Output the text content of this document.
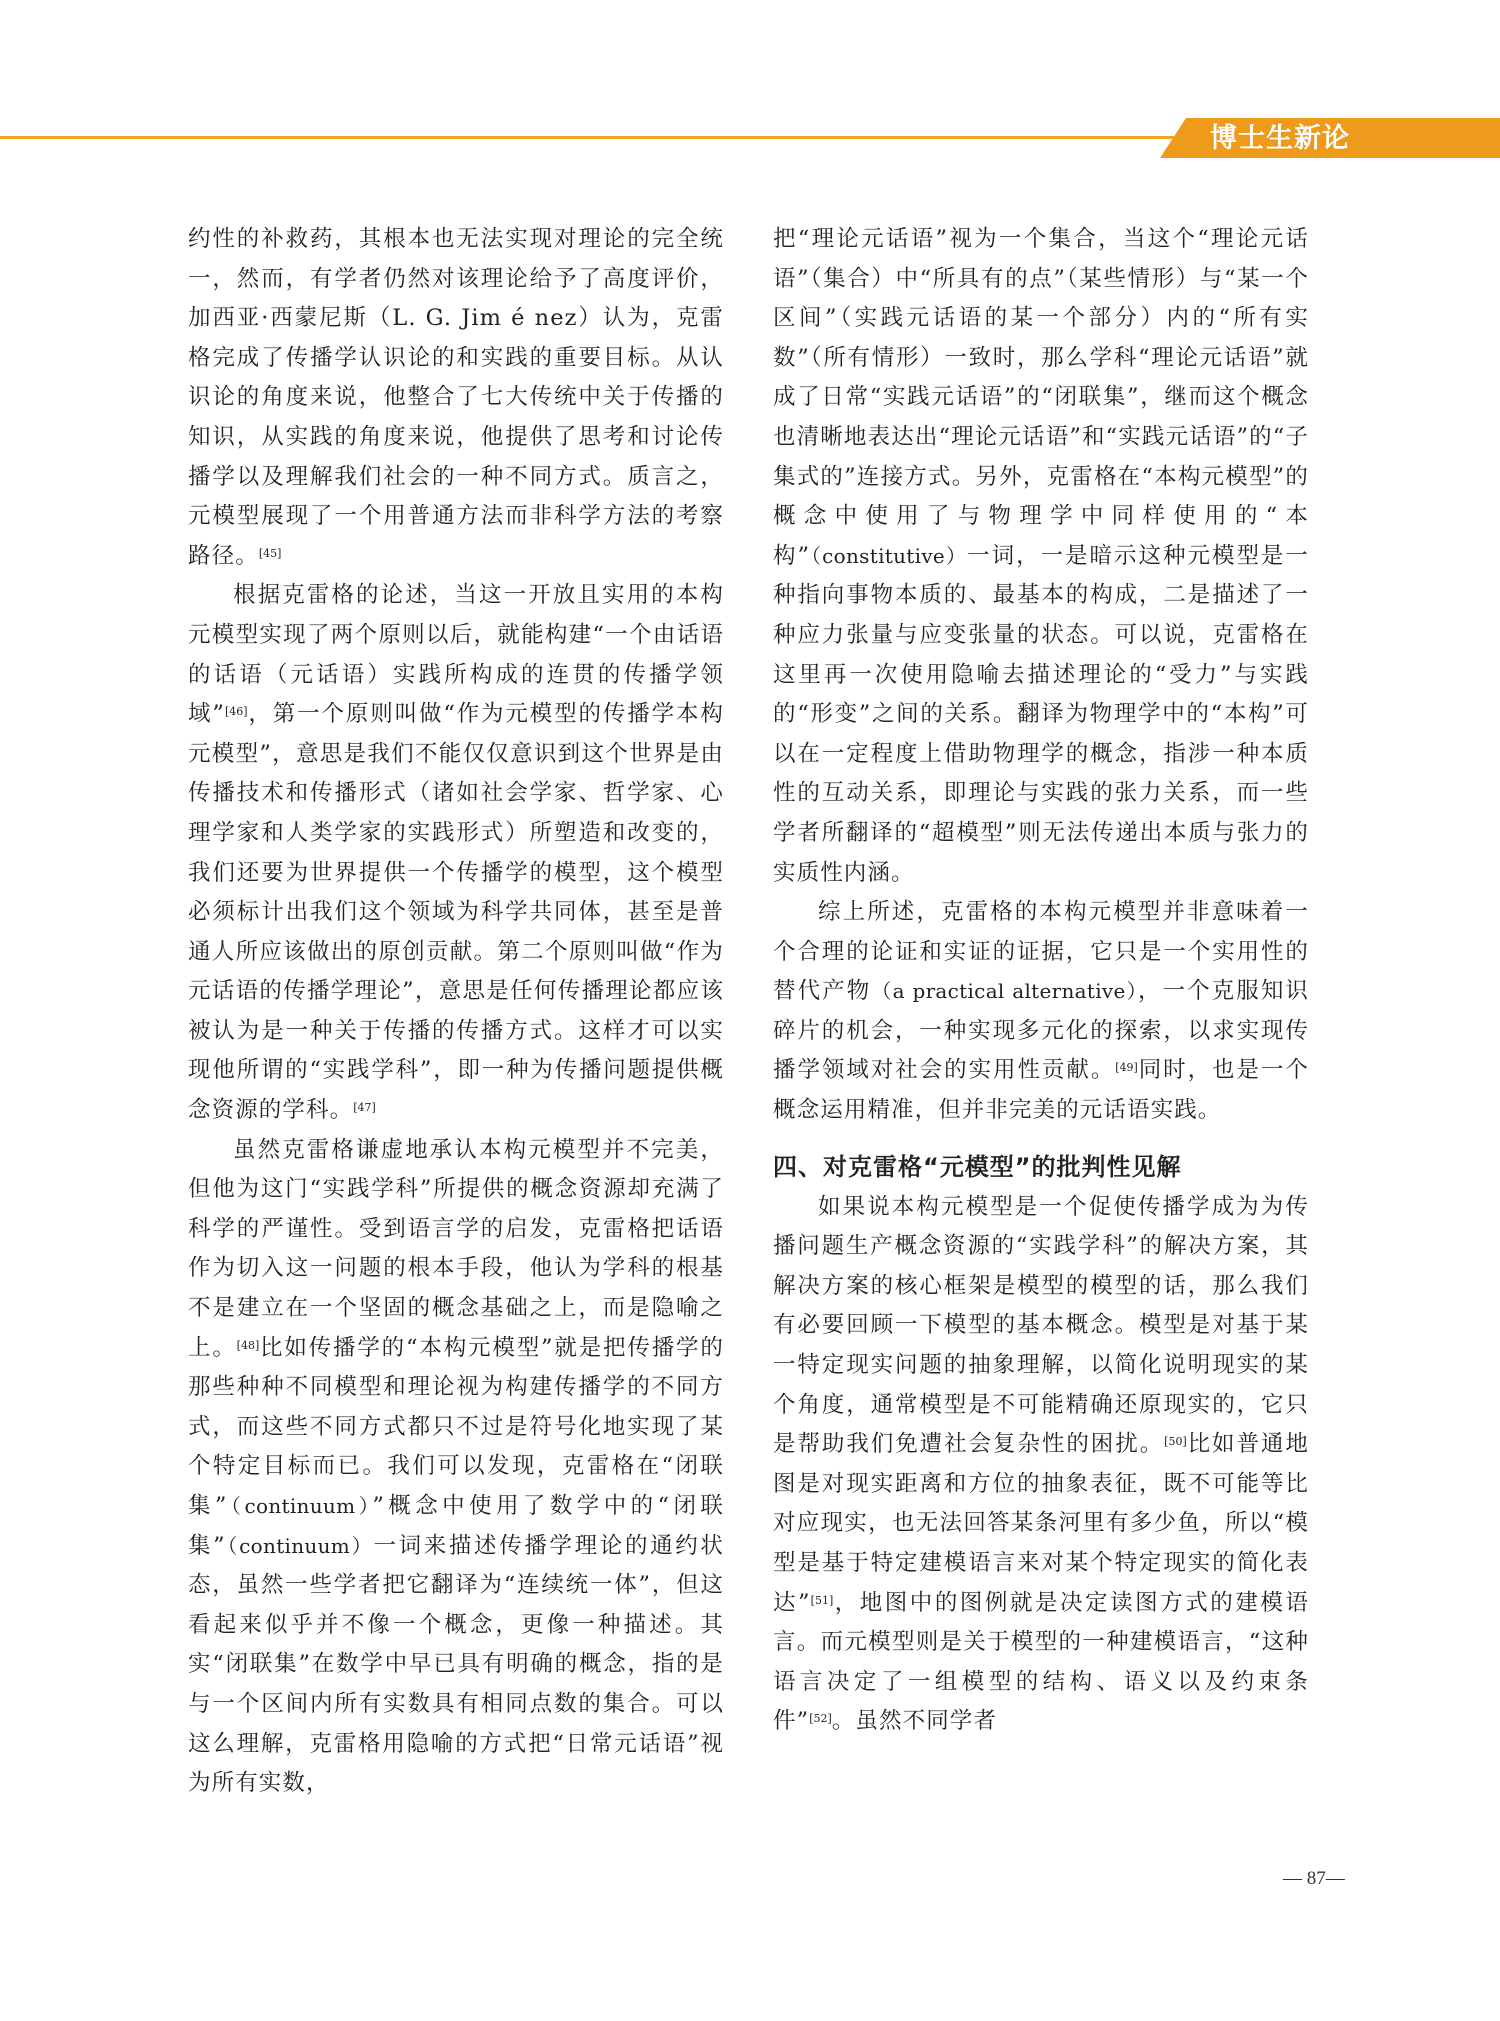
博士生新论

约性的补救药，其根本也无法实现对理论的完全统一，然而，有学者仍然对该理论给予了高度评价，加西亚·西蒙尼斯（L. G. Jim é nez）认为，克雷格完成了传播学认识论的和实践的重要目标。从认识论的角度来说，他整合了七大传统中关于传播的知识，从实践的角度来说，他提供了思考和讨论传播学以及理解我们社会的一种不同方式。质言之，元模型展现了一个用普通方法而非科学方法的考察路径。[45]

根据克雷格的论述，当这一开放且实用的本构元模型实现了两个原则以后，就能构建“一个由话语的话语（元话语）实践所构成的连贯的传播学领域”[46]，第一个原则叫做“作为元模型的传播学本构元模型”，意思是我们不能仅仅意识到这个世界是由传播技术和传播形式（诸如社会学家、哲学家、心理学家和人类学家的实践形式）所塑造和改变的，我们还要为世界提供一个传播学的模型，这个模型必须标计出我们这个领域为科学共同体，甚至是普通人所应该做出的原创贡献。第二个原则叫做“作为元话语的传播学理论”，意思是任何传播理论都应该被认为是一种关于传播的传播方式。这样才可以实现他所谓的“实践学科”，即一种为传播问题提供概念资源的学科。[47]

虽然克雷格谦虚地承认本构元模型并不完美，但他为这门“实践学科”所提供的概念资源却充满了科学的严谨性。受到语言学的启发，克雷格把话语作为切入这一问题的根本手段，他认为学科的根基不是建立在一个坚固的概念基础之上，而是隐喻之上。[48]比如传播学的“本构元模型”就是把传播学的那些种种不同模型和理论视为构建传播学的不同方式，而这些不同方式都只不过是符号化地实现了某个特定目标而已。我们可以发现，克雷格在“闭联集”（continuum）”概念中使用了数学中的“闭联集”（continuum）一词来描述传播学理论的通约状态，虽然一些学者把它翻译为“连续统一体”，但这看起来似乎并不像一个概念，更像一种描述。其实“闭联集”在数学中早已具有明确的概念，指的是与一个区间内所有实数具有相同点数的集合。可以这么理解，克雷格用隐喻的方式把“日常元话语”视为所有实数，

把“理论元话语”视为一个集合，当这个“理论元话语”（集合）中“所具有的点”（某些情形）与“某一个区间”（实践元话语的某一个部分）内的“所有实数”（所有情形）一致时，那么学科“理论元话语”就成了日常“实践元话语”的“闭联集”，继而这个概念也清晰地表达出“理论元话语”和“实践元话语”的“子集式的”连接方式。另外，克雷格在“本构元模型”的概念中使用了与物理学中同样使用的“本构”（constitutive）一词，一是暗示这种元模型是一种指向事物本质的、最基本的构成，二是描述了一种应力张量与应变张量的状态。可以说，克雷格在这里再一次使用隐喻去描述理论的“受力”与实践的“形变”之间的关系。翻译为物理学中的“本构”可以在一定程度上借助物理学的概念，指涉一种本质性的互动关系，即理论与实践的张力关系，而一些学者所翻译的“超模型”则无法传递出本质与张力的实质性内涵。

综上所述，克雷格的本构元模型并非意味着一个合理的论证和实证的证据，它只是一个实用性的替代产物（a practical alternative），一个克服知识碎片的机会，一种实现多元化的探索，以求实现传播学领域对社会的实用性贡献。[49]同时，也是一个概念运用精准，但并非完美的元话语实践。

四、对克雷格“元模型”的批判性见解

如果说本构元模型是一个促使传播学成为为传播问题生产概念资源的“实践学科”的解决方案，其解决方案的核心框架是模型的模型的话，那么我们有必要回顾一下模型的基本概念。模型是对基于某一特定现实问题的抽象理解，以简化说明现实的某个角度，通常模型是不可能精确还原现实的，它只是帮助我们免遭社会复杂性的困扰。[50]比如普通地图是对现实距离和方位的抽象表征，既不可能等比对应现实，也无法回答某条河里有多少鱼，所以“模型是基于特定建模语言来对某个特定现实的简化表达”[51]，地图中的图例就是决定读图方式的建模语言。而元模型则是关于模型的一种建模语言，“这种语言决定了一组模型的结构、语义以及约束条件”[52]。虽然不同学者

— 87—
